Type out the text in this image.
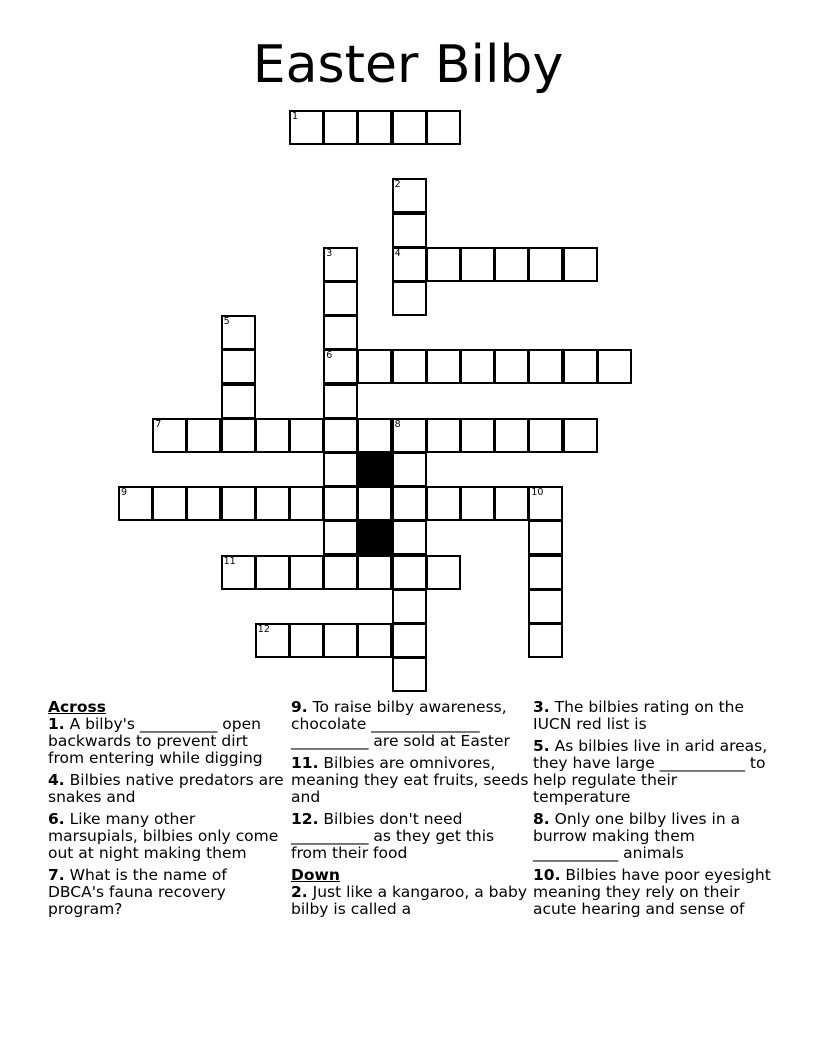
Easter Bilby
1
2
4
3
6
5
7	8
9	10
11
12
Across
1. A bilby's __________ open backwards to prevent dirt from entering while digging
4. Bilbies native predators are snakes and
6. Like many other marsupials, bilbies only come out at night making them
7. What is the name of DBCA's fauna recovery program?
9. To raise bilby awareness, chocolate ______________ __________ are sold at Easter
11. Bilbies are omnivores, meaning they eat fruits, seeds and
12. Bilbies don't need __________ as they get this from their food
Down
2. Just like a kangaroo, a baby bilby is called a
3. The bilbies rating on the IUCN red list is
5. As bilbies live in arid areas, they have large ___________ to help regulate their temperature
8. Only one bilby lives in a burrow making them ___________ animals
10. Bilbies have poor eyesight meaning they rely on their acute hearing and sense of
